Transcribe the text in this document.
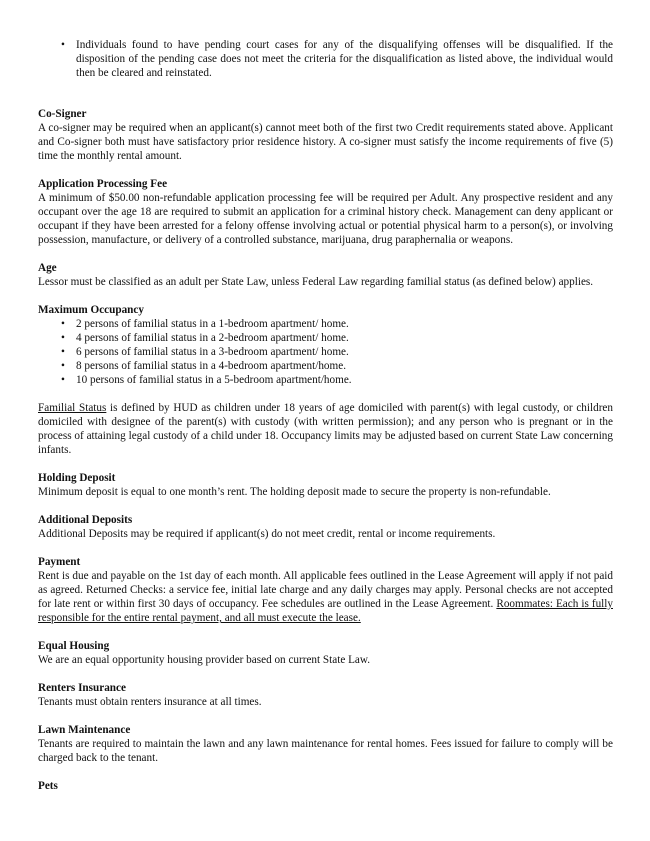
• Individuals found to have pending court cases for any of the disqualifying offenses will be disqualified. If the disposition of the pending case does not meet the criteria for the disqualification as listed above, the individual would then be cleared and reinstated.
Co-Signer

A co-signer may be required when an applicant(s) cannot meet both of the first two Credit requirements stated above. Applicant and Co-signer both must have satisfactory prior residence history. A co-signer must satisfy the income requirements of five (5) time the monthly rental amount.

Application Processing Fee

A minimum of $50.00 non-refundable application processing fee will be required per Adult. Any prospective resident and any occupant over the age 18 are required to submit an application for a criminal history check. Management can deny applicant or occupant if they have been arrested for a felony offense involving actual or potential physical harm to a person(s), or involving possession, manufacture, or delivery of a controlled substance, marijuana, drug paraphernalia or weapons.

Age

Lessor must be classified as an adult per State Law, unless Federal Law regarding familial status (as defined below) applies.

Maximum Occupancy
• 2 persons of familial status in a 1-bedroom apartment/ home.
• 4 persons of familial status in a 2-bedroom apartment/ home.
• 6 persons of familial status in a 3-bedroom apartment/ home.
• 8 persons of familial status in a 4-bedroom apartment/home.
• 10 persons of familial status in a 5-bedroom apartment/home.

Familial Status is defined by HUD as children under 18 years of age domiciled with parent(s) with legal custody, or children domiciled with designee of the parent(s) with custody (with written permission); and any person who is pregnant or in the process of attaining legal custody of a child under 18. Occupancy limits may be adjusted based on current State Law concerning infants.

Holding Deposit

Minimum deposit is equal to one month’s rent. The holding deposit made to secure the property is non-refundable.

Additional Deposits

Additional Deposits may be required if applicant(s) do not meet credit, rental or income requirements.

Payment

Rent is due and payable on the 1st day of each month. All applicable fees outlined in the Lease Agreement will apply if not paid as agreed. Returned Checks: a service fee, initial late charge and any daily charges may apply. Personal checks are not accepted for late rent or within first 30 days of occupancy. Fee schedules are outlined in the Lease Agreement. Roommates: Each is fully responsible for the entire rental payment, and all must execute the lease.

Equal Housing

We are an equal opportunity housing provider based on current State Law.

Renters Insurance

Tenants must obtain renters insurance at all times.

Lawn Maintenance

Tenants are required to maintain the lawn and any lawn maintenance for rental homes. Fees issued for failure to comply will be charged back to the tenant.

Pets
